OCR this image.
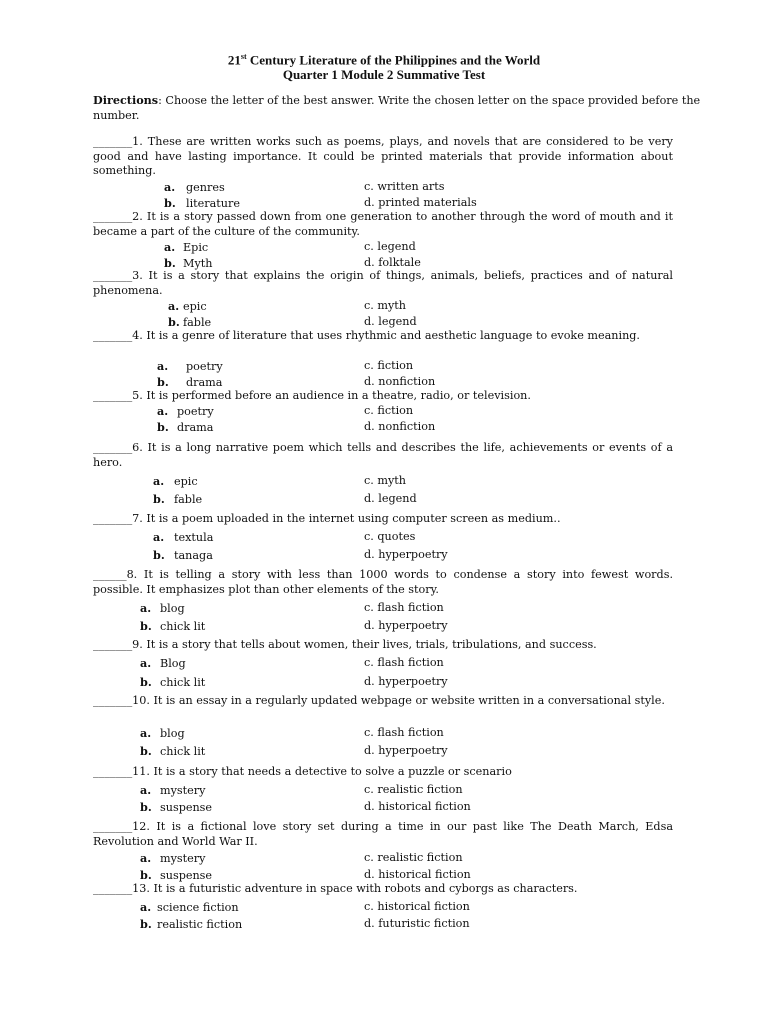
21st Century Literature of the Philippines and the World
Quarter 1 Module 2 Summative Test
Directions: Choose the letter of the best answer. Write the chosen letter on the space provided before the number.
_______1. These are written works such as poems, plays, and novels that are considered to be very good and have lasting importance. It could be printed materials that provide information about something.
a. genres
b. literature
c. written arts
d. printed materials
_______2. It is a story passed down from one generation to another through the word of mouth and it became a part of the culture of the community.
a. Epic
b. Myth
c. legend
d. folktale
_______3. It is a story that explains the origin of things, animals, beliefs, practices and of natural phenomena.
a. epic
b. fable
c. myth
d. legend
_______4. It is a genre of literature that uses rhythmic and aesthetic language to evoke meaning.
a. poetry
b. drama
c. fiction
d. nonfiction
_______5. It is performed before an audience in a theatre, radio, or television.
a. poetry
b. drama
c. fiction
d. nonfiction
_______6. It is a long narrative poem which tells and describes the life, achievements or events of a hero.
a. epic
b. fable
c. myth
d. legend
_______7. It is a poem uploaded in the internet using computer screen as medium..
a. textula
b. tanaga
c. quotes
d. hyperpoetry
______8. It is telling a story with less than 1000 words to condense a story into fewest words. possible. It emphasizes plot than other elements of the story.
a. blog
b. chick lit
c. flash fiction
d. hyperpoetry
_______9. It is a story that tells about women, their lives, trials, tribulations, and success.
a. Blog
b. chick lit
c. flash fiction
d. hyperpoetry
_______10. It is an essay in a regularly updated webpage or website written in a conversational style.
a. blog
b. chick lit
c. flash fiction
d. hyperpoetry
_______11. It is a story that needs a detective to solve a puzzle or scenario
a. mystery
b. suspense
c. realistic fiction
d. historical fiction
_______12. It is a fictional love story set during a time in our past like The Death March, Edsa Revolution and World War II.
a. mystery
b. suspense
c. realistic fiction
d. historical fiction
_______13. It is a futuristic adventure in space with robots and cyborgs as characters.
a. science fiction
b. realistic fiction
c. historical fiction
d. futuristic fiction
